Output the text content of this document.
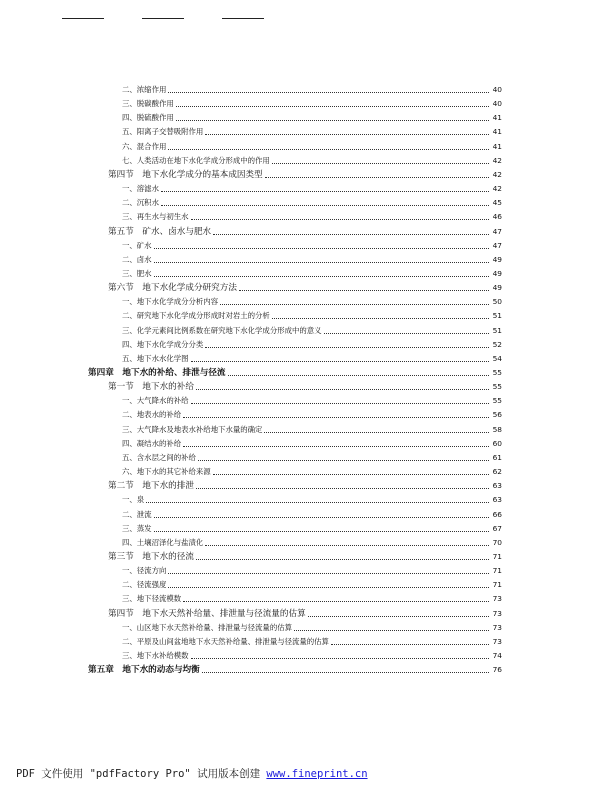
二、浓缩作用	40
三、脱碳酸作用	40
四、脱硫酸作用	41
五、阳离子交替吸附作用	41
六、混合作用	41
七、人类活动在地下水化学成分形成中的作用	42
第四节　地下水化学成分的基本成因类型	42
一、溶滤水	42
二、沉积水	45
三、再生水与初生水	46
第五节　矿水、卤水与肥水	47
一、矿水	47
二、卤水	49
三、肥水	49
第六节　地下水化学成分研究方法	49
一、地下水化学成分分析内容	50
二、研究地下水化学成分形成时对岩土的分析	51
三、化学元素间比例系数在研究地下水化学成分形成中的意义	51
四、地下水化学成分分类	52
五、地下水水化学图	54
第四章　地下水的补给、排泄与径流	55
第一节　地下水的补给	55
一、大气降水的补给	55
二、地表水的补给	56
三、大气降水及地表水补给地下水量的确定	58
四、凝结水的补给	60
五、含水层之间的补给	61
六、地下水的其它补给来源	62
第二节　地下水的排泄	63
一、泉	63
二、泄流	66
三、蒸发	67
四、土壤沼泽化与盐渍化	70
第三节　地下水的径流	71
一、径流方向	71
二、径流强度	71
三、地下径流模数	73
第四节　地下水天然补给量、排泄量与径流量的估算	73
一、山区地下水天然补给量、排泄量与径流量的估算	73
二、平原及山间盆地地下水天然补给量、排泄量与径流量的估算	73
三、地下水补给模数	74
第五章　地下水的动态与均衡	76
PDF 文件使用 "pdfFactory Pro" 试用版本创建 www.fineprint.cn
